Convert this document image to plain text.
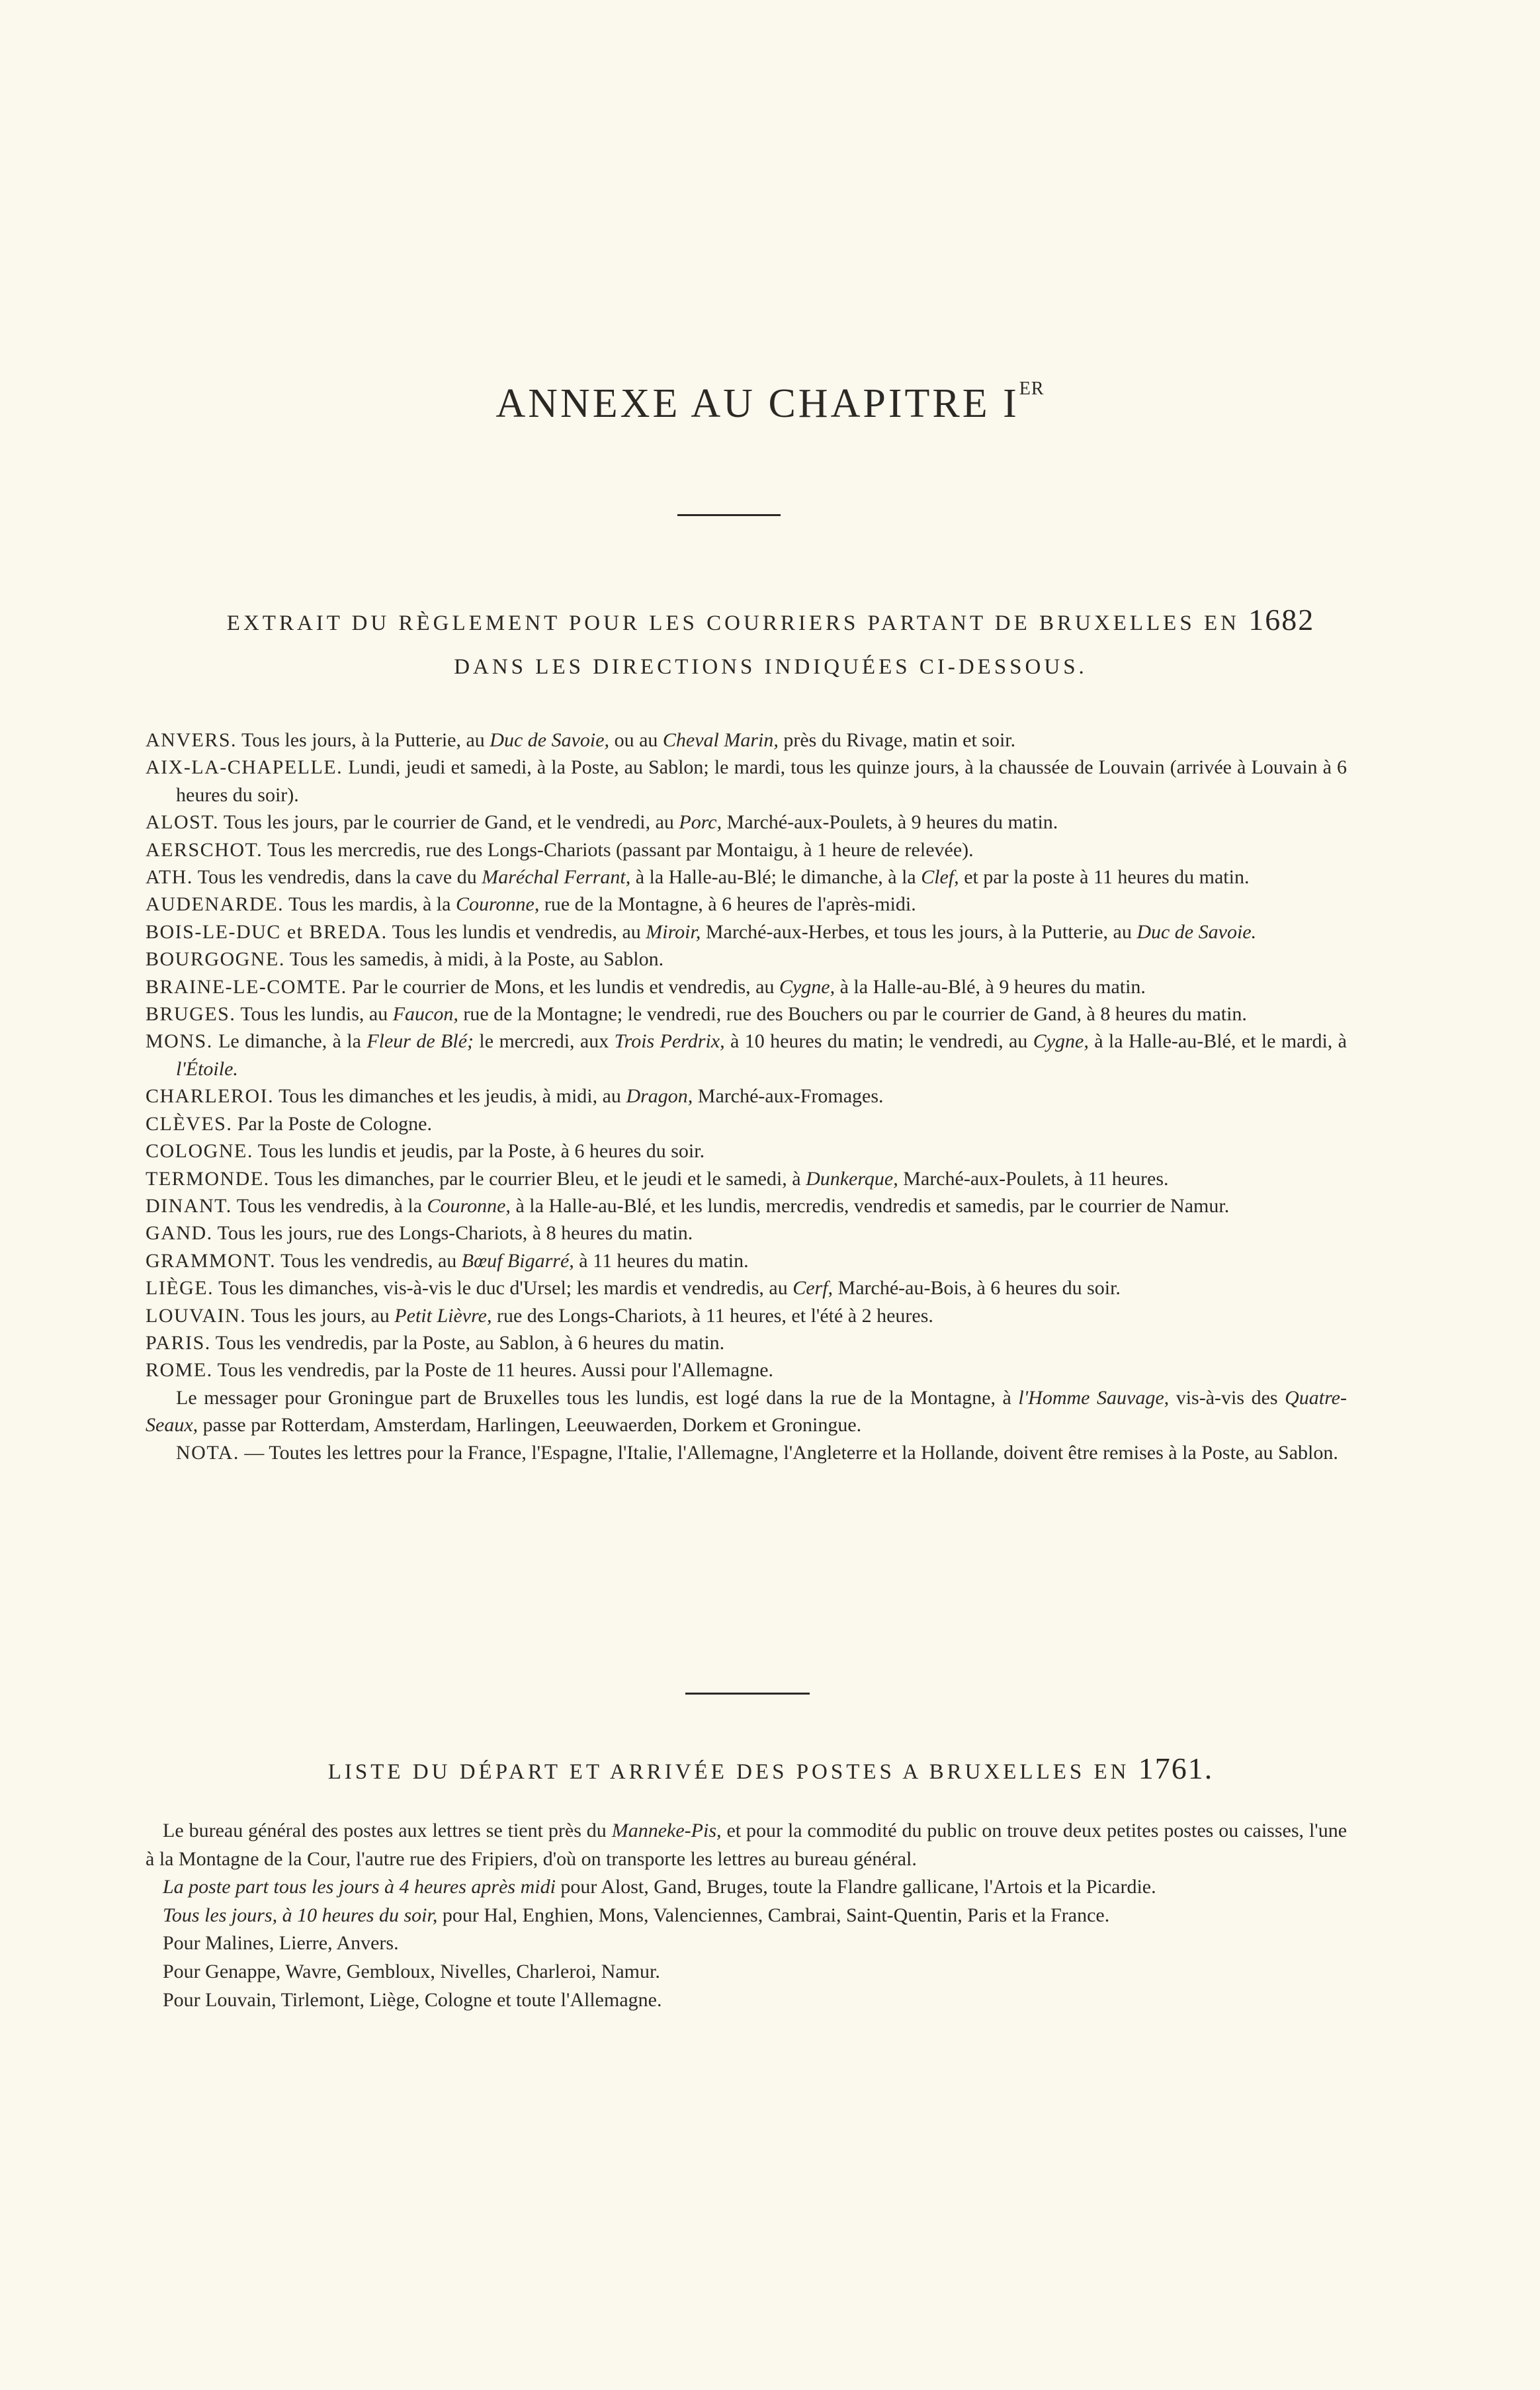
ANNEXE AU CHAPITRE IER
EXTRAIT DU RÈGLEMENT POUR LES COURRIERS PARTANT DE BRUXELLES EN 1682
DANS LES DIRECTIONS INDIQUÉES CI-DESSOUS.
ANVERS. Tous les jours, à la Putterie, au Duc de Savoie, ou au Cheval Marin, près du Rivage, matin et soir.
AIX-LA-CHAPELLE. Lundi, jeudi et samedi, à la Poste, au Sablon; le mardi, tous les quinze jours, à la chaussée de Louvain (arrivée à Louvain à 6 heures du soir).
ALOST. Tous les jours, par le courrier de Gand, et le vendredi, au Porc, Marché-aux-Poulets, à 9 heures du matin.
AERSCHOT. Tous les mercredis, rue des Longs-Chariots (passant par Montaigu, à 1 heure de relevée).
ATH. Tous les vendredis, dans la cave du Maréchal Ferrant, à la Halle-au-Blé; le dimanche, à la Clef, et par la poste à 11 heures du matin.
AUDENARDE. Tous les mardis, à la Couronne, rue de la Montagne, à 6 heures de l'après-midi.
BOIS-LE-DUC et BREDA. Tous les lundis et vendredis, au Miroir, Marché-aux-Herbes, et tous les jours, à la Putterie, au Duc de Savoie.
BOURGOGNE. Tous les samedis, à midi, à la Poste, au Sablon.
BRAINE-LE-COMTE. Par le courrier de Mons, et les lundis et vendredis, au Cygne, à la Halle-au-Blé, à 9 heures du matin.
BRUGES. Tous les lundis, au Faucon, rue de la Montagne; le vendredi, rue des Bouchers ou par le courrier de Gand, à 8 heures du matin.
MONS. Le dimanche, à la Fleur de Blé; le mercredi, aux Trois Perdrix, à 10 heures du matin; le vendredi, au Cygne, à la Halle-au-Blé, et le mardi, à l'Étoile.
CHARLEROI. Tous les dimanches et les jeudis, à midi, au Dragon, Marché-aux-Fromages.
CLÈVES. Par la Poste de Cologne.
COLOGNE. Tous les lundis et jeudis, par la Poste, à 6 heures du soir.
TERMONDE. Tous les dimanches, par le courrier Bleu, et le jeudi et le samedi, à Dunkerque, Marché-aux-Poulets, à 11 heures.
DINANT. Tous les vendredis, à la Couronne, à la Halle-au-Blé, et les lundis, mercredis, vendredis et samedis, par le courrier de Namur.
GAND. Tous les jours, rue des Longs-Chariots, à 8 heures du matin.
GRAMMONT. Tous les vendredis, au Bœuf Bigarré, à 11 heures du matin.
LIÈGE. Tous les dimanches, vis-à-vis le duc d'Ursel; les mardis et vendredis, au Cerf, Marché-au-Bois, à 6 heures du soir.
LOUVAIN. Tous les jours, au Petit Lièvre, rue des Longs-Chariots, à 11 heures, et l'été à 2 heures.
PARIS. Tous les vendredis, par la Poste, au Sablon, à 6 heures du matin.
ROME. Tous les vendredis, par la Poste de 11 heures. Aussi pour l'Allemagne.
Le messager pour Groningue part de Bruxelles tous les lundis, est logé dans la rue de la Montagne, à l'Homme Sauvage, vis-à-vis des Quatre-Seaux, passe par Rotterdam, Amsterdam, Harlingen, Leeuwaerden, Dorkem et Groningue.
NOTA. — Toutes les lettres pour la France, l'Espagne, l'Italie, l'Allemagne, l'Angleterre et la Hollande, doivent être remises à la Poste, au Sablon.
LISTE DU DÉPART ET ARRIVÉE DES POSTES A BRUXELLES EN 1761.
Le bureau général des postes aux lettres se tient près du Manneke-Pis, et pour la commodité du public on trouve deux petites postes ou caisses, l'une à la Montagne de la Cour, l'autre rue des Fripiers, d'où on transporte les lettres au bureau général.
La poste part tous les jours à 4 heures après midi pour Alost, Gand, Bruges, toute la Flandre gallicane, l'Artois et la Picardie.
Tous les jours, à 10 heures du soir, pour Hal, Enghien, Mons, Valenciennes, Cambrai, Saint-Quentin, Paris et la France.
Pour Malines, Lierre, Anvers.
Pour Genappe, Wavre, Gembloux, Nivelles, Charleroi, Namur.
Pour Louvain, Tirlemont, Liège, Cologne et toute l'Allemagne.
